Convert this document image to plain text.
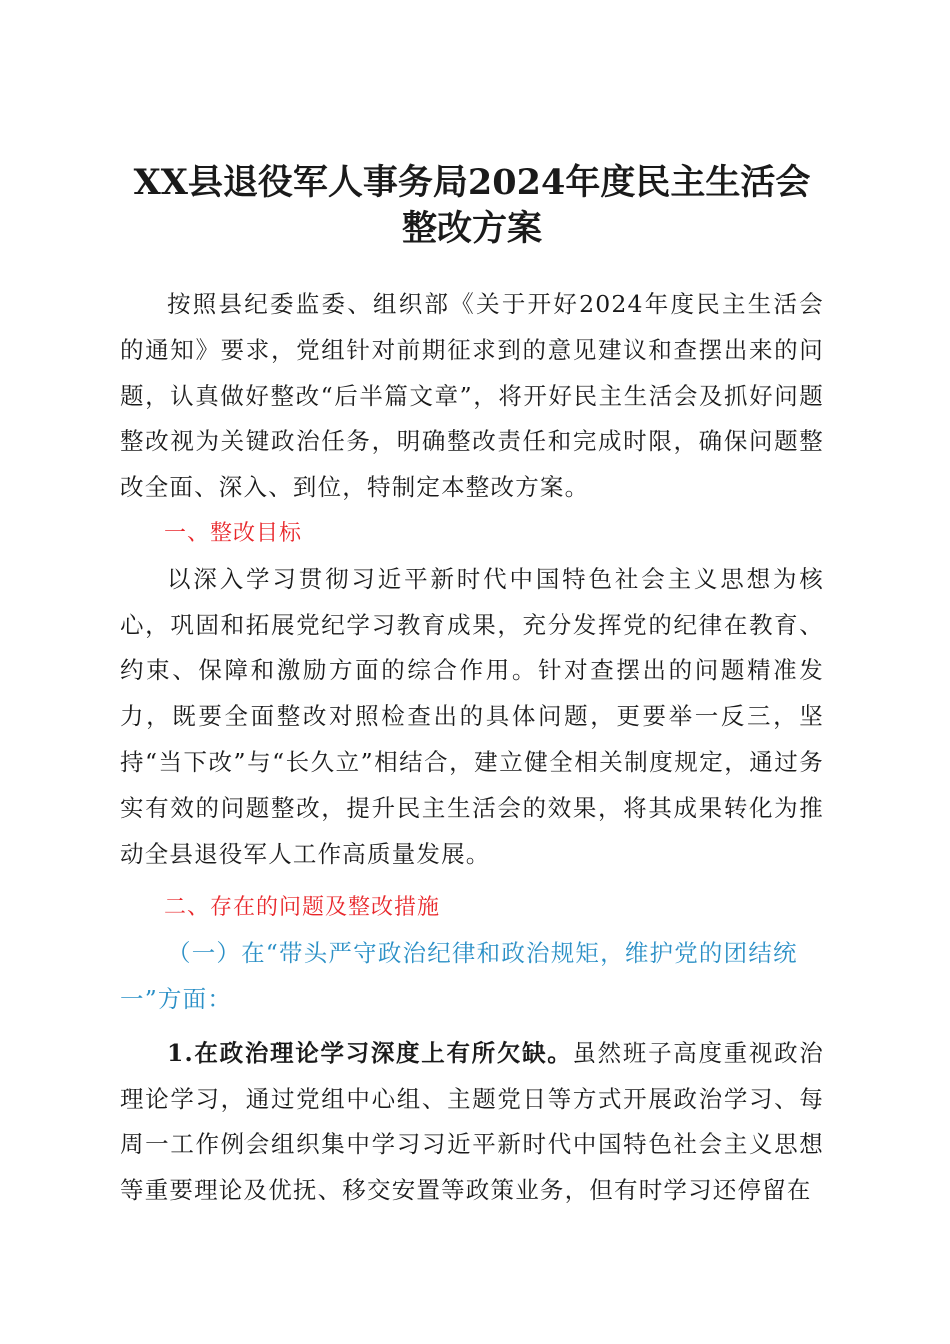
XX县退役军人事务局2024年度民主生活会整改方案

按照县纪委监委、组织部《关于开好2024年度民主生活会的通知》要求，党组针对前期征求到的意见建议和查摆出来的问题，认真做好整改“后半篇文章”，将开好民主生活会及抓好问题整改视为关键政治任务，明确整改责任和完成时限，确保问题整改全面、深入、到位，特制定本整改方案。

一、整改目标

以深入学习贯彻习近平新时代中国特色社会主义思想为核心，巩固和拓展党纪学习教育成果，充分发挥党的纪律在教育、约束、保障和激励方面的综合作用。针对查摆出的问题精准发力，既要全面整改对照检查出的具体问题，更要举一反三，坚持“当下改”与“长久立”相结合，建立健全相关制度规定，通过务实有效的问题整改，提升民主生活会的效果，将其成果转化为推动全县退役军人工作高质量发展。

二、存在的问题及整改措施

（一）在“带头严守政治纪律和政治规矩，维护党的团结统一”方面：

1.在政治理论学习深度上有所欠缺。虽然班子高度重视政治理论学习，通过党组中心组、主题党日等方式开展政治学习、每周一工作例会组织集中学习习近平新时代中国特色社会主义思想等重要理论及优抚、移交安置等政策业务，但有时学习还停留在
